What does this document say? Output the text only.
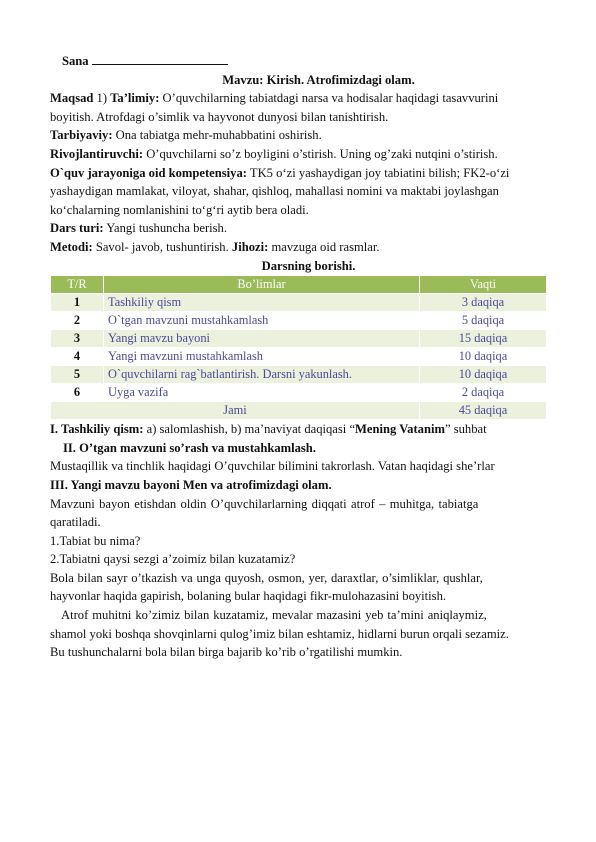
Sana
Mavzu: Kirish. Atrofimizdagi olam.
Maqsad 1) Ta’limiy: O’quvchilarning tabiatdagi narsa va hodisalar haqidagi tasavvurini
boyitish. Atrofdagi o’simlik va hayvonot dunyosi bilan tanishtirish.
Tarbiyaviy: Ona tabiatga mehr-muhabbatini oshirish.
Rivojlantiruvchi: O’quvchilarni so’z boyligini o’stirish. Uning og’zaki nutqini o’stirish.
O`quv jarayoniga oid kompetensiya: TK5 o‘zi yashaydigan joy tabiatini bilish; FK2-o‘zi
yashaydigan mamlakat, viloyat, shahar, qishloq, mahallasi nomini va maktabi joylashgan
ko‘chalarning nomlanishini to‘g‘ri aytib bera oladi.
Dars turi: Yangi tushuncha berish.
Metodi: Savol- javob, tushuntirish. Jihozi: mavzuga oid rasmlar.
Darsning borishi.
T/R	Bo’limlar	Vaqti
1	Tashkiliy qism	3 daqiqa
2	O`tgan mavzuni mustahkamlash	5 daqiqa
3	Yangi mavzu bayoni	15 daqiqa
4	Yangi mavzuni mustahkamlash	10 daqiqa
5	O`quvchilarni rag`batlantirish. Darsni yakunlash.	10 daqiqa
6	Uyga vazifa	2 daqiqa
Jami		45 daqiqa
I. Tashkiliy qism: a) salomlashish, b) ma’naviyat daqiqasi “Mening Vatanim” suhbat
II. O’tgan mavzuni so’rash va mustahkamlash.
Mustaqillik va tinchlik haqidagi O’quvchilar bilimini takrorlash. Vatan haqidagi she’rlar
III. Yangi mavzu bayoni Men va atrofimizdagi olam.
Mavzuni bayon etishdan oldin O’quvchilarlarning diqqati atrof – muhitga, tabiatga
qaratiladi.
1.Tabiat bu nima?
2.Tabiatni qaysi sezgi a’zoimiz bilan kuzatamiz?
Bola bilan sayr o’tkazish va unga quyosh, osmon, yer, daraxtlar, o’simliklar, qushlar,
hayvonlar haqida gapirish, bolaning bular haqidagi fikr-mulohazasini boyitish.
Atrof muhitni ko’zimiz bilan kuzatamiz, mevalar mazasini yeb ta’mini aniqlaymiz,
shamol yoki boshqa shovqinlarni qulog’imiz bilan eshtamiz, hidlarni burun orqali sezamiz.
Bu tushunchalarni bola bilan birga bajarib ko’rib o’rgatilishi mumkin.
